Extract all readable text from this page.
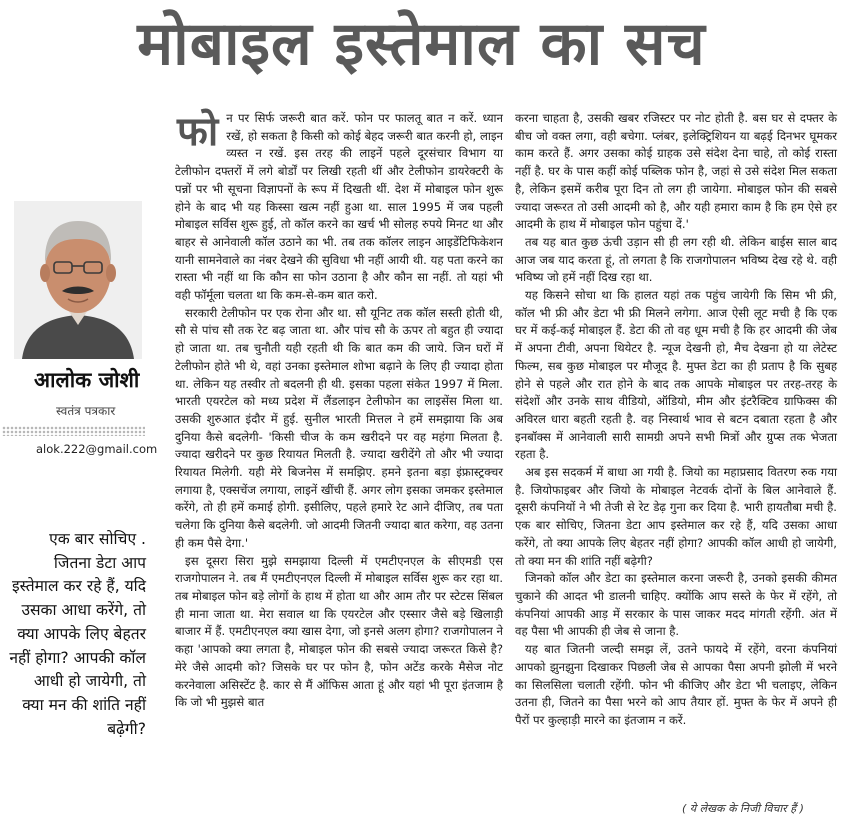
मोबाइल इस्तेमाल का सच
आलोक जोशी
स्वतंत्र पत्रकार
alok.222@gmail.com
एक बार सोचिए . जितना डेटा आप इस्तेमाल कर रहे हैं, यदि उसका आधा करेंगे, तो क्या आपके लिए बेहतर नहीं होगा? आपकी कॉल आधी हो जायेगी, तो क्या मन की शांति नहीं बढ़ेगी?

फोन पर सिर्फ जरूरी बात करें. फोन पर फालतू बात न करें. ध्यान रखें, हो सकता है किसी को कोई बेहद जरूरी बात करनी हो, लाइन व्यस्त न रखें. इस तरह की लाइनें पहले दूरसंचार विभाग या टेलीफोन दफ्तरों में लगे बोर्डों पर लिखी रहती थीं और टेलीफोन डायरेक्टरी के पन्नों पर भी सूचना विज्ञापनों के रूप में दिखती थीं. देश में मोबाइल फोन शुरू होने के बाद भी यह किस्सा खत्म नहीं हुआ था. साल 1995 में जब पहली मोबाइल सर्विस शुरू हुई, तो कॉल करने का खर्च भी सोलह रुपये मिनट था और बाहर से आनेवाली कॉल उठाने का भी. तब तक कॉलर लाइन आइडेंटिफिकेशन यानी सामनेवाले का नंबर देखने की सुविधा भी नहीं आयी थी. यह पता करने का रास्ता भी नहीं था कि कौन सा फोन उठाना है और कौन सा नहीं. तो यहां भी वही फॉर्मूला चलता था कि कम-से-कम बात करो.

सरकारी टेलीफोन पर एक रोना और था. सौ यूनिट तक कॉल सस्ती होती थी, सौ से पांच सौ तक रेट बढ़ जाता था. और पांच सौ के ऊपर तो बहुत ही ज्यादा हो जाता था. तब चुनौती यही रहती थी कि बात कम की जाये. जिन घरों में टेलीफोन होते भी थे, वहां उनका इस्तेमाल शोभा बढ़ाने के लिए ही ज्यादा होता था. लेकिन यह तस्वीर तो बदलनी ही थी. इसका पहला संकेत 1997 में मिला. भारती एयरटेल को मध्य प्रदेश में लैंडलाइन टेलीफोन का लाइसेंस मिला था. उसकी शुरुआत इंदौर में हुई. सुनील भारती मित्तल ने हमें समझाया कि अब दुनिया कैसे बदलेगी- 'किसी चीज के कम खरीदने पर वह महंगा मिलता है. ज्यादा खरीदने पर कुछ रियायत मिलती है. ज्यादा खरीदेंगे तो और भी ज्यादा रियायत मिलेगी. यही मेरे बिजनेस में समझिए. हमने इतना बड़ा इंफ्रास्ट्रक्चर लगाया है, एक्सचेंज लगाया, लाइनें खींची हैं. अगर लोग इसका जमकर इस्तेमाल करेंगे, तो ही हमें कमाई होगी. इसीलिए, पहले हमारे रेट आने दीजिए, तब पता चलेगा कि दुनिया कैसे बदलेगी. जो आदमी जितनी ज्यादा बात करेगा, वह उतना ही कम पैसे देगा.'

इस दूसरा सिरा मुझे समझाया दिल्ली में एमटीएनएल के सीएमडी एस राजगोपालन ने. तब मैं एमटीएनएल दिल्ली में मोबाइल सर्विस शुरू कर रहा था. तब मोबाइल फोन बड़े लोगों के हाथ में होता था और आम तौर पर स्टेटस सिंबल ही माना जाता था. मेरा सवाल था कि एयरटेल और एस्सार जैसे बड़े खिलाड़ी बाजार में हैं. एमटीएनएल क्या खास देगा, जो इनसे अलग होगा? राजगोपालन ने कहा 'आपको क्या लगता है, मोबाइल फोन की सबसे ज्यादा जरूरत किसे है? मेरे जैसे आदमी को? जिसके घर पर फोन है, फोन अटेंड करके मैसेज नोट करनेवाला असिस्टेंट है. कार से मैं ऑफिस आता हूं और यहां भी पूरा इंतजाम है कि जो भी मुझसे बात

करना चाहता है, उसकी खबर रजिस्टर पर नोट होती है. बस घर से दफ्तर के बीच जो वक्त लगा, वही बचेगा. प्लंबर, इलेक्ट्रिशियन या बढ़ई दिनभर घूमकर काम करते हैं. अगर उसका कोई ग्राहक उसे संदेश देना चाहे, तो कोई रास्ता नहीं है. घर के पास कहीं कोई पब्लिक फोन है, जहां से उसे संदेश मिल सकता है, लेकिन इसमें करीब पूरा दिन तो लग ही जायेगा. मोबाइल फोन की सबसे ज्यादा जरूरत तो उसी आदमी को है, और यही हमारा काम है कि हम ऐसे हर आदमी के हाथ में मोबाइल फोन पहुंचा दें.'

तब यह बात कुछ ऊंची उड़ान सी ही लग रही थी. लेकिन बाईस साल बाद आज जब याद करता हूं, तो लगता है कि राजगोपालन भविष्य देख रहे थे. वही भविष्य जो हमें नहीं दिख रहा था.

यह किसने सोचा था कि हालत यहां तक पहुंच जायेगी कि सिम भी फ्री, कॉल भी फ्री और डेटा भी फ्री मिलने लगेगा. आज ऐसी लूट मची है कि एक घर में कई-कई मोबाइल हैं. डेटा की तो वह धूम मची है कि हर आदमी की जेब में अपना टीवी, अपना थियेटर है. न्यूज देखनी हो, मैच देखना हो या लेटेस्ट फिल्म, सब कुछ मोबाइल पर मौजूद है. मुफ्त डेटा का ही प्रताप है कि सुबह होने से पहले और रात होने के बाद तक आपके मोबाइल पर तरह-तरह के संदेशों और उनके साथ वीडियो, ऑडियो, मीम और इंटरैक्टिव ग्राफिक्स की अविरल धारा बहती रहती है. वह निस्वार्थ भाव से बटन दबाता रहता है और इनबॉक्स में आनेवाली सारी सामग्री अपने सभी मित्रों और ग्रुप्स तक भेजता रहता है.

अब इस सदकर्म में बाधा आ गयी है. जियो का महाप्रसाद वितरण रुक गया है. जियोफाइबर और जियो के मोबाइल नेटवर्क दोनों के बिल आनेवाले हैं. दूसरी कंपनियों ने भी तेजी से रेट डेढ़ गुना कर दिया है. भारी हायतौबा मची है. एक बार सोचिए, जितना डेटा आप इस्तेमाल कर रहे हैं, यदि उसका आधा करेंगे, तो क्या आपके लिए बेहतर नहीं होगा? आपकी कॉल आधी हो जायेगी, तो क्या मन की शांति नहीं बढ़ेगी?

जिनको कॉल और डेटा का इस्तेमाल करना जरूरी है, उनको इसकी कीमत चुकाने की आदत भी डालनी चाहिए. क्योंकि आप सस्ते के फेर में रहेंगे, तो कंपनियां आपकी आड़ में सरकार के पास जाकर मदद मांगती रहेंगी. अंत में वह पैसा भी आपकी ही जेब से जाना है.

यह बात जितनी जल्दी समझ लें, उतने फायदे में रहेंगे, वरना कंपनियां आपको झुनझुना दिखाकर पिछली जेब से आपका पैसा अपनी झोली में भरने का सिलसिला चलाती रहेंगी. फोन भी कीजिए और डेटा भी चलाइए, लेकिन उतना ही, जितने का पैसा भरने को आप तैयार हों. मुफ्त के फेर में अपने ही पैरों पर कुल्हाड़ी मारने का इंतजाम न करें.

( ये लेखक के निजी विचार हैं )
